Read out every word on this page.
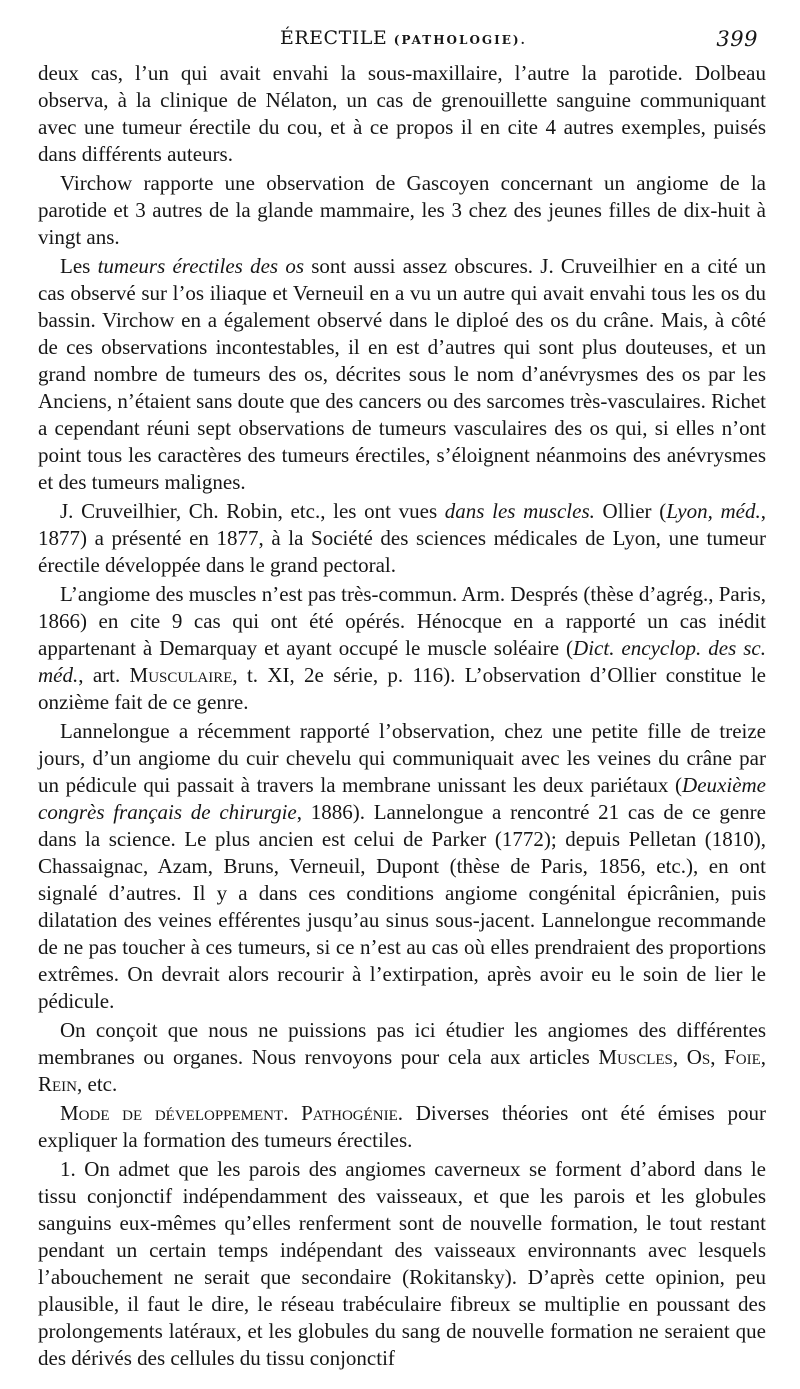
ÉRECTILE (PATHOLOGIE).	399

deux cas, l’un qui avait envahi la sous-maxillaire, l’autre la parotide. Dolbeau observa, à la clinique de Nélaton, un cas de grenouillette sanguine communiquant avec une tumeur érectile du cou, et à ce propos il en cite 4 autres exemples, puisés dans différents auteurs.

Virchow rapporte une observation de Gascoyen concernant un angiome de la parotide et 3 autres de la glande mammaire, les 3 chez des jeunes filles de dix-huit à vingt ans.

Les tumeurs érectiles des os sont aussi assez obscures. J. Cruveilhier en a cité un cas observé sur l’os iliaque et Verneuil en a vu un autre qui avait envahi tous les os du bassin. Virchow en a également observé dans le diploé des os du crâne. Mais, à côté de ces observations incontestables, il en est d’autres qui sont plus douteuses, et un grand nombre de tumeurs des os, décrites sous le nom d’anévrysmes des os par les Anciens, n’étaient sans doute que des cancers ou des sarcomes très-vasculaires. Richet a cependant réuni sept observations de tumeurs vasculaires des os qui, si elles n’ont point tous les caractères des tumeurs érectiles, s’éloignent néanmoins des anévrysmes et des tumeurs malignes.

J. Cruveilhier, Ch. Robin, etc., les ont vues dans les muscles. Ollier (Lyon, méd., 1877) a présenté en 1877, à la Société des sciences médicales de Lyon, une tumeur érectile développée dans le grand pectoral.

L’angiome des muscles n’est pas très-commun. Arm. Després (thèse d’agrég., Paris, 1866) en cite 9 cas qui ont été opérés. Hénocque en a rapporté un cas inédit appartenant à Demarquay et ayant occupé le muscle soléaire (Dict. encyclop. des sc. méd., art. Musculaire, t. XI, 2e série, p. 116). L’observation d’Ollier constitue le onzième fait de ce genre.

Lannelongue a récemment rapporté l’observation, chez une petite fille de treize jours, d’un angiome du cuir chevelu qui communiquait avec les veines du crâne par un pédicule qui passait à travers la membrane unissant les deux pariétaux (Deuxième congrès français de chirurgie, 1886). Lannelongue a rencontré 21 cas de ce genre dans la science. Le plus ancien est celui de Parker (1772); depuis Pelletan (1810), Chassaignac, Azam, Bruns, Verneuil, Dupont (thèse de Paris, 1856, etc.), en ont signalé d’autres. Il y a dans ces conditions angiome congénital épicrânien, puis dilatation des veines efférentes jusqu’au sinus sous-jacent. Lannelongue recommande de ne pas toucher à ces tumeurs, si ce n’est au cas où elles prendraient des proportions extrêmes. On devrait alors recourir à l’extirpation, après avoir eu le soin de lier le pédicule.

On conçoit que nous ne puissions pas ici étudier les angiomes des différentes membranes ou organes. Nous renvoyons pour cela aux articles Muscles, Os, Foie, Rein, etc.

Mode de développement. Pathogénie. Diverses théories ont été émises pour expliquer la formation des tumeurs érectiles.

1. On admet que les parois des angiomes caverneux se forment d’abord dans le tissu conjonctif indépendamment des vaisseaux, et que les parois et les globules sanguins eux-mêmes qu’elles renferment sont de nouvelle formation, le tout restant pendant un certain temps indépendant des vaisseaux environnants avec lesquels l’abouchement ne serait que secondaire (Rokitansky). D’après cette opinion, peu plausible, il faut le dire, le réseau trabéculaire fibreux se multiplie en poussant des prolongements latéraux, et les globules du sang de nouvelle formation ne seraient que des dérivés des cellules du tissu conjonctif
